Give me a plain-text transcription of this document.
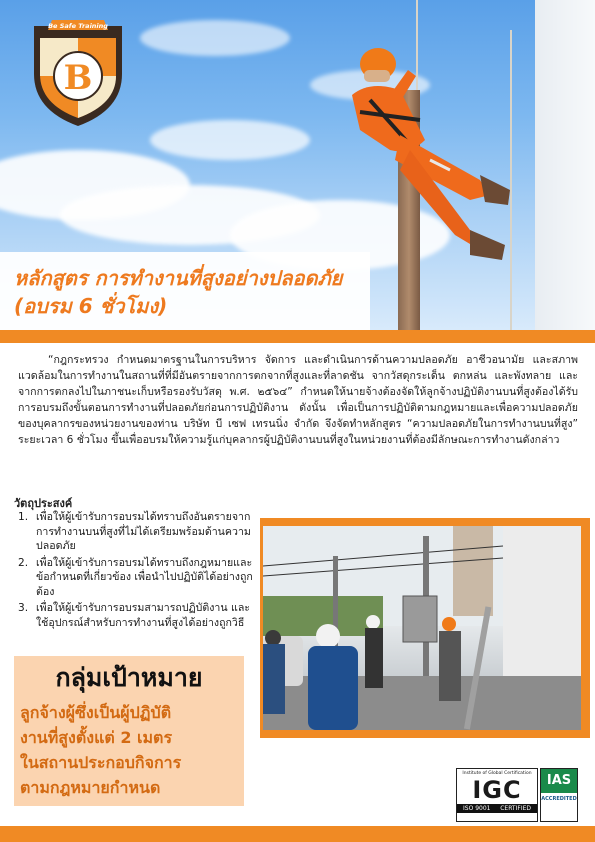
B
Be Safe Training
หลักสูตร การทำงานที่สูงอย่างปลอดภัย
(อบรม 6 ชั่วโมง)

“กฎกระทรวง กำหนดมาตรฐานในการบริหาร จัดการ และดำเนินการด้านความปลอดภัย อาชีวอนามัย และสภาพแวดล้อมในการทำงานในสถานที่ที่มีอันตรายจากการตกจากที่สูงและที่ลาดชัน จากวัสดุกระเด็น ตกหล่น และพังทลาย และจากการตกลงไปในภาชนะเก็บหรือรองรับวัสดุ พ.ศ. ๒๕๖๔” กำหนดให้นายจ้างต้องจัดให้ลูกจ้างปฏิบัติงานบนที่สูงต้องได้รับการอบรมถึงขั้นตอนการทำงานที่ปลอดภัยก่อนการปฏิบัติงาน ดังนั้น เพื่อเป็นการปฏิบัติตามกฎหมายและเพื่อความปลอดภัยของบุคลากรของหน่วยงานของท่าน บริษัท บี เซฟ เทรนนิ่ง จำกัด จึงจัดทำหลักสูตร “ความปลอดภัยในการทำงานบนที่สูง” ระยะเวลา 6 ชั่วโมง ขึ้นเพื่ออบรมให้ความรู้แก่บุคลากรผู้ปฏิบัติงานบนที่สูงในหน่วยงานที่ต้องมีลักษณะการทำงานดังกล่าว

วัตถุประสงค์
1. เพื่อให้ผู้เข้ารับการอบรมได้ทราบถึงอันตรายจากการทำงานบนที่สูงที่ไม่ได้เตรียมพร้อมด้านความปลอดภัย
2. เพื่อให้ผู้เข้ารับการอบรมได้ทราบถึงกฎหมายและข้อกำหนดที่เกี่ยวข้อง เพื่อนำไปปฏิบัติได้อย่างถูกต้อง
3. เพื่อให้ผู้เข้ารับการอบรมสามารถปฏิบัติงาน และใช้อุปกรณ์สำหรับการทำงานที่สูงได้อย่างถูกวิธี
กลุ่มเป้าหมาย
ลูกจ้างผู้ซึ่งเป็นผู้ปฏิบัติ
งานที่สูงตั้งแต่ 2 เมตร
ในสถานประกอบกิจการ
ตามกฎหมายกำหนด
Institute of Global Certification
IGC
ISO 9001 CERTIFIED
IAS
ACCREDITED
